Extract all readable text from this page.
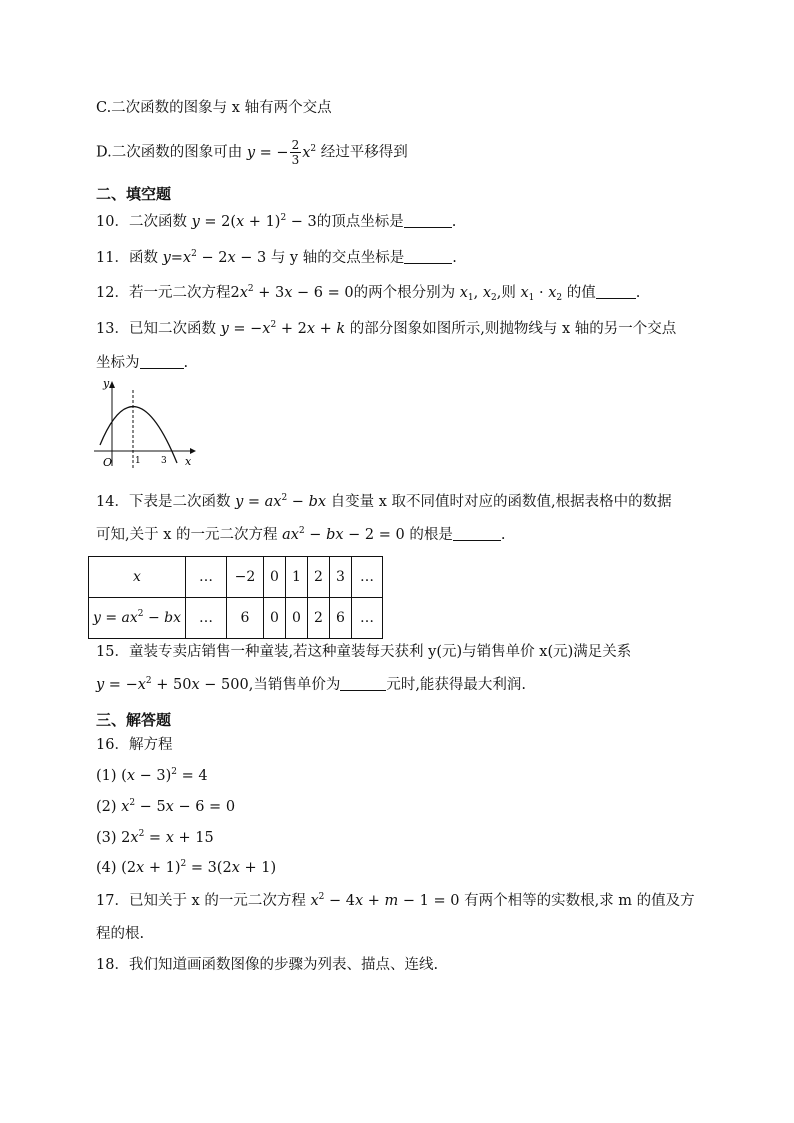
C.二次函数的图象与 x 轴有两个交点
D.二次函数的图象可由 y = − $\frac{2}{3} x^2$ 经过平移得到
二、填空题
10．二次函数 $y = 2(x + 1)^2 - 3$的顶点坐标是	.
11．函数 $y=x^2 - 2x - 3$ 与 y 轴的交点坐标是	.
12．若一元二次方程$2x^2 + 3x - 6 = 0$的两个根分别为 $x_1$, $x_2$,则 $x_1 \cdot x_2$ 的值	.
13．已知二次函数 $y = -x^2 + 2x + k$ 的部分图象如图所示,则抛物线与 x 轴的另一个交点
坐标为	.
y
x
O	1 3
14．下表是二次函数 $y = ax^2$ − bx 自变量 x 取不同值时对应的函数值,根据表格中的数据
可知,关于 x 的一元二次方程 $ax^2$ − bx − 2 = 0 的根是	.
x	…	−2	0	1	2	3	…
$y = ax^2$ − bx	…	6	0	0	2	6	…
15．童装专卖店销售一种童装,若这种童装每天获利 y(元)与销售单价 x(元)满足关系
$y = -x^2 + 50x - 500$,当销售单价为	元时,能获得最大利润.
三、解答题
16．解方程
(1) $(x - 3)^2 = 4$
(2) $x^2 - 5x - 6 = 0$
(3) $2x^2 = x + 15$
(4) $(2x + 1)^2 = 3(2x + 1)$
17．已知关于 x 的一元二次方程 $x^2 - 4x + m - 1 = 0$ 有两个相等的实数根,求 m 的值及方
程的根.
18．我们知道画函数图像的步骤为列表、描点、连线.
